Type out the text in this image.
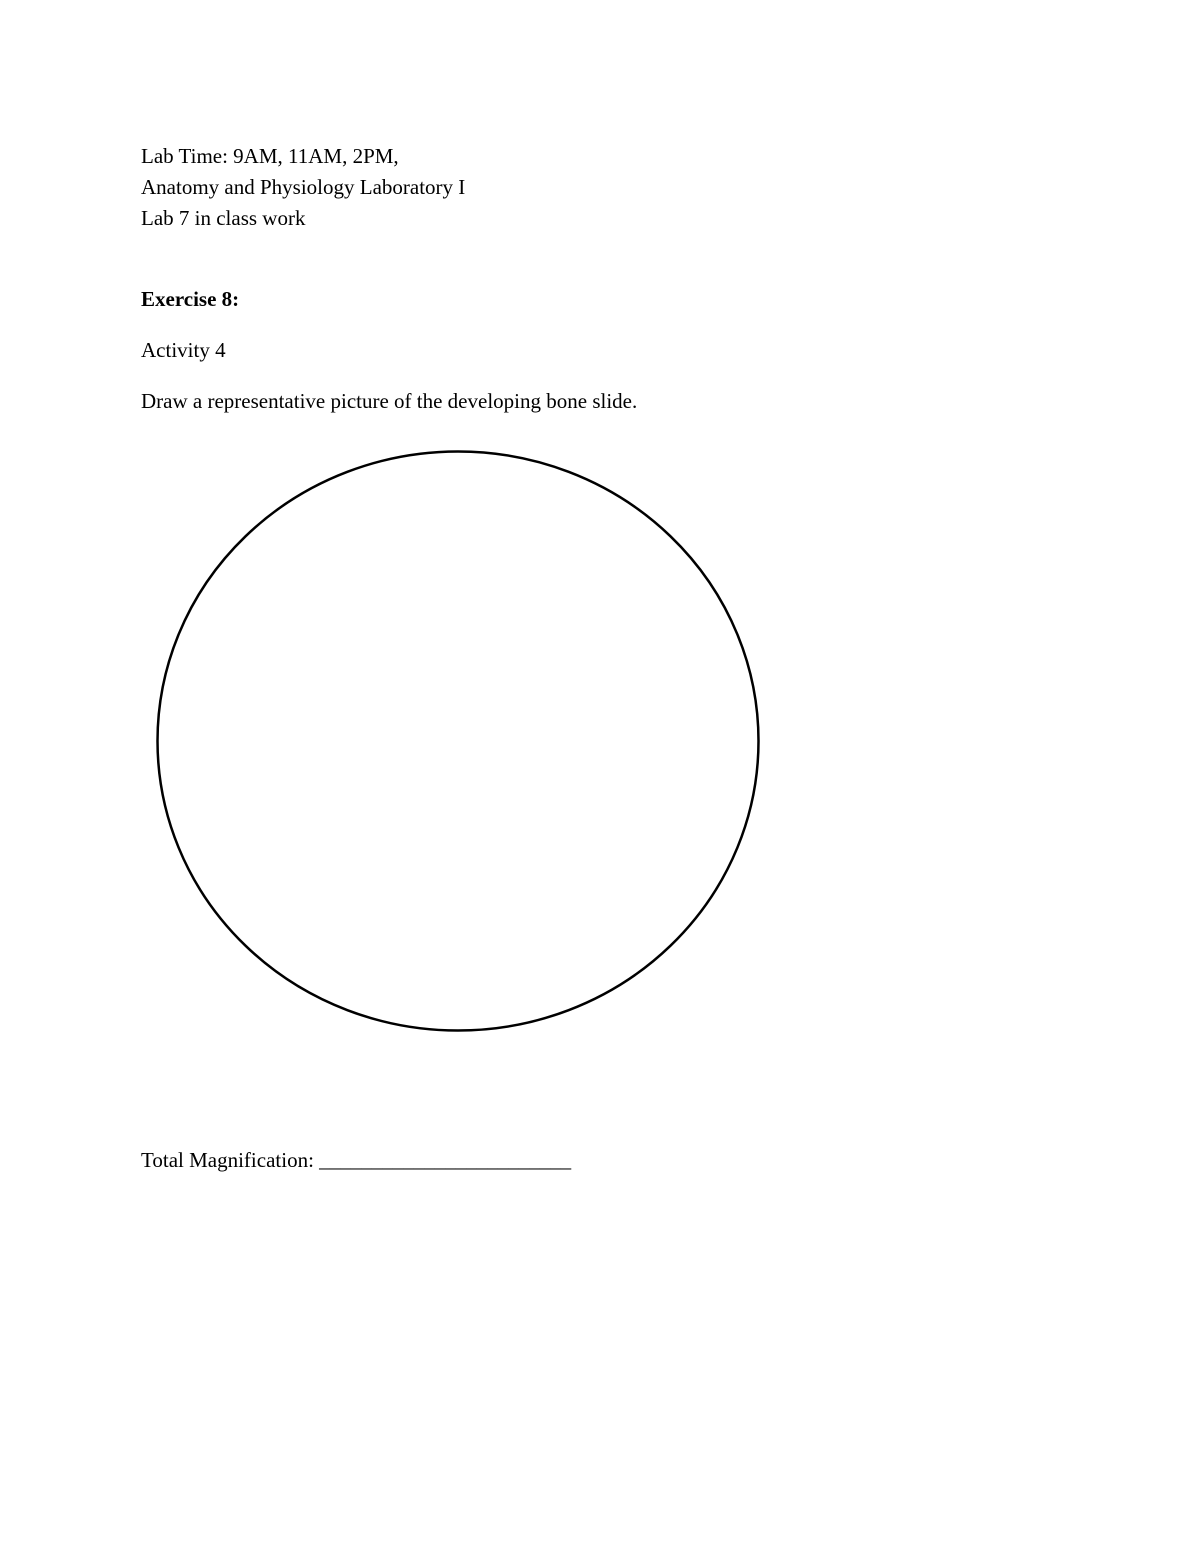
Lab Time: 9AM, 11AM, 2PM,

Anatomy and Physiology Laboratory I

Lab 7 in class work

Exercise 8:

Activity 4

Draw a representative picture of the developing bone slide.

Total Magnification: ________________________
